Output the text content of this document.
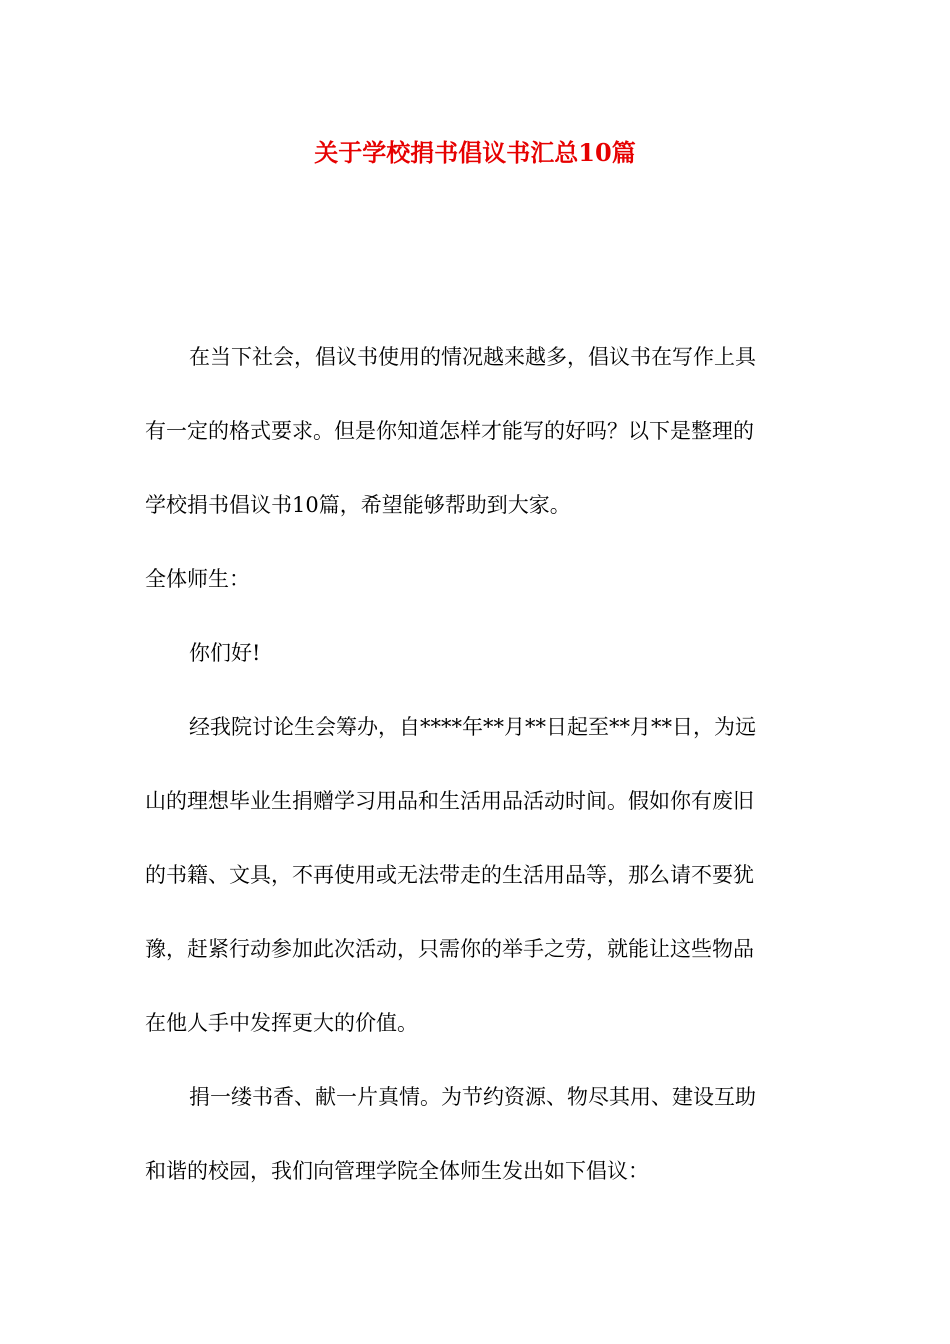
关于学校捐书倡议书汇总10篇
在当下社会，倡议书使用的情况越来越多，倡议书在写作上具
有一定的格式要求。但是你知道怎样才能写的好吗？以下是整理的
学校捐书倡议书10篇，希望能够帮助到大家。
全体师生：
你们好!
经我院讨论生会筹办，自****年**月**日起至**月**日，为远
山的理想毕业生捐赠学习用品和生活用品活动时间。假如你有废旧
的书籍、文具，不再使用或无法带走的生活用品等，那么请不要犹
豫，赶紧行动参加此次活动，只需你的举手之劳，就能让这些物品
在他人手中发挥更大的价值。
捐一缕书香、献一片真情。为节约资源、物尽其用、建设互助
和谐的校园，我们向管理学院全体师生发出如下倡议：
